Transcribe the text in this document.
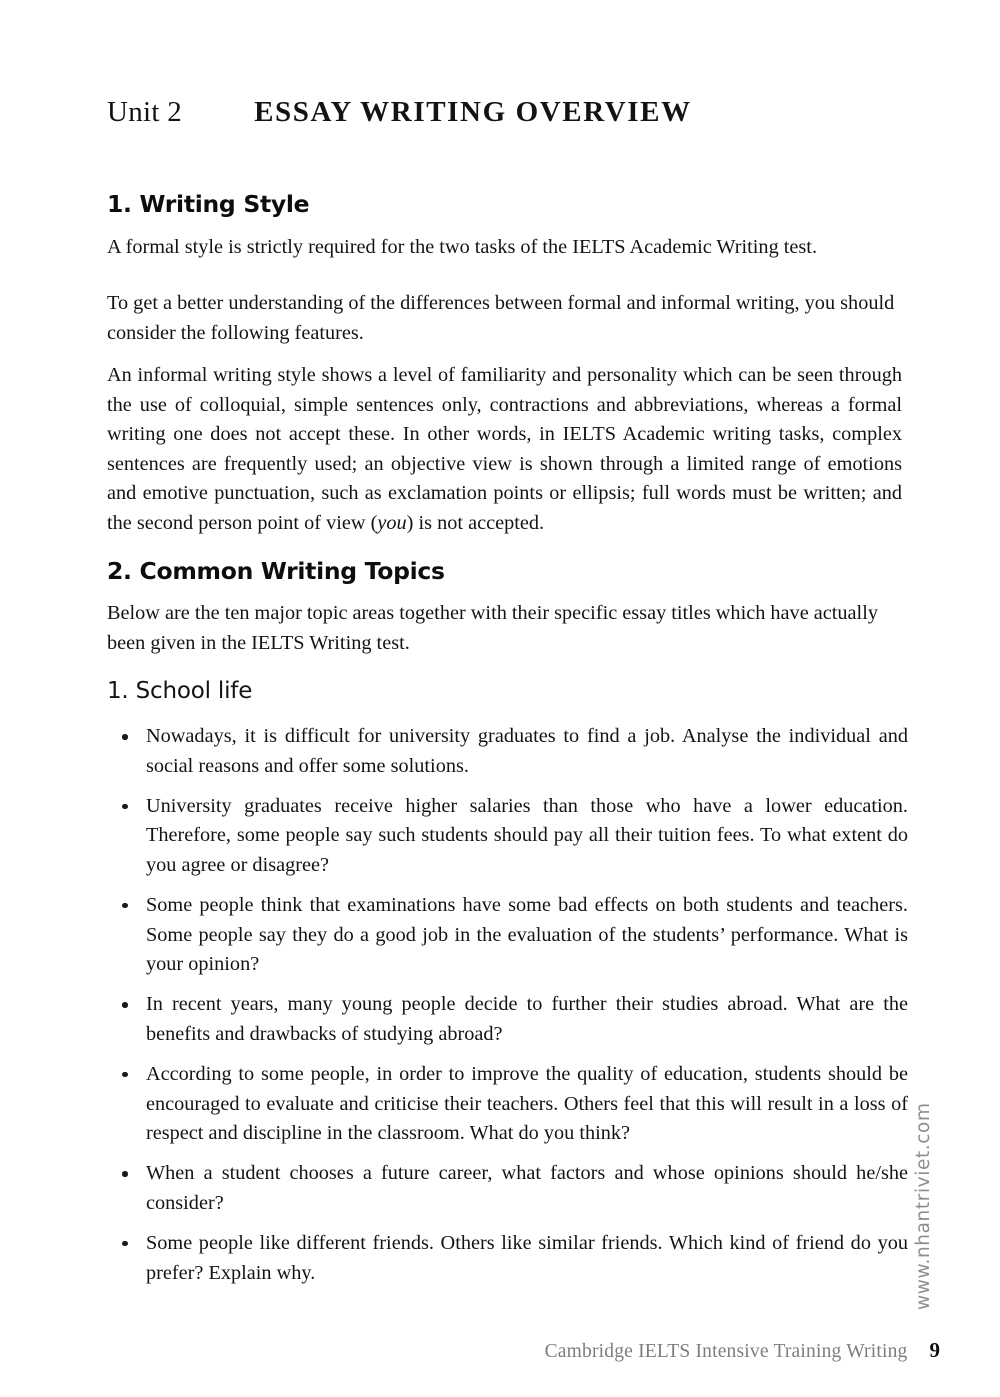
Unit 2 ESSAY WRITING OVERVIEW
1. Writing Style
A formal style is strictly required for the two tasks of the IELTS Academic Writing test.
To get a better understanding of the differences between formal and informal writing, you should consider the following features.
An informal writing style shows a level of familiarity and personality which can be seen through the use of colloquial, simple sentences only, contractions and abbreviations, whereas a formal writing one does not accept these. In other words, in IELTS Academic writing tasks, complex sentences are frequently used; an objective view is shown through a limited range of emotions and emotive punctuation, such as exclamation points or ellipsis; full words must be written; and the second person point of view (you) is not accepted.
2. Common Writing Topics
Below are the ten major topic areas together with their specific essay titles which have actually been given in the IELTS Writing test.
1. School life
Nowadays, it is difficult for university graduates to find a job. Analyse the individual and social reasons and offer some solutions.
University graduates receive higher salaries than those who have a lower education. Therefore, some people say such students should pay all their tuition fees. To what extent do you agree or disagree?
Some people think that examinations have some bad effects on both students and teachers. Some people say they do a good job in the evaluation of the students’ performance. What is your opinion?
In recent years, many young people decide to further their studies abroad. What are the benefits and drawbacks of studying abroad?
According to some people, in order to improve the quality of education, students should be encouraged to evaluate and criticise their teachers. Others feel that this will result in a loss of respect and discipline in the classroom. What do you think?
When a student chooses a future career, what factors and whose opinions should he/she consider?
Some people like different friends. Others like similar friends. Which kind of friend do you prefer? Explain why.	www.nhantriviet.com
Cambridge IELTS Intensive Training Writing 9
